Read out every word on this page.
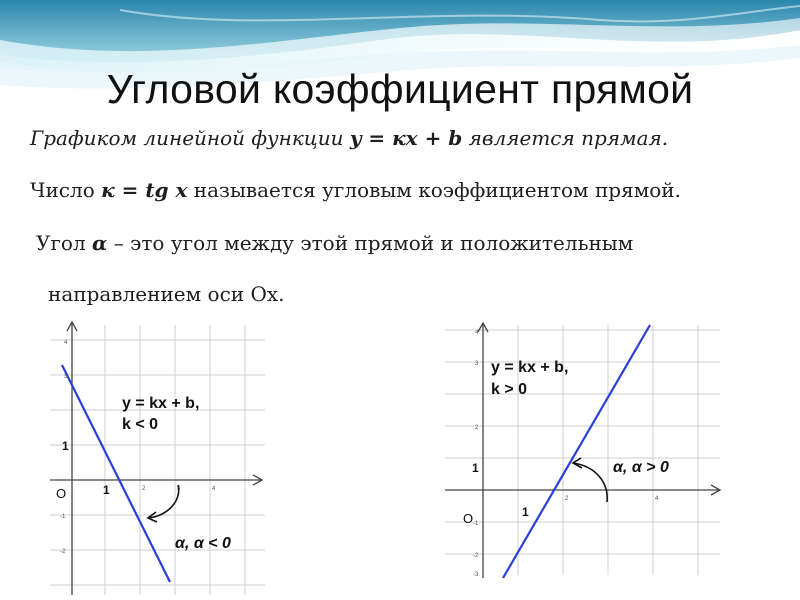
Угловой коэффициент прямой
Графиком линейной функции y = кx + b является прямая.
Число к = tg x называется угловым коэффициентом прямой.
Угол α – это угол между этой прямой и положительным
направлением оси Ox.
y = kx + b,
k < 0
α, α < 0
O
1
1
4
3
2	3	4
-1
-2
y = kx + b,
k > 0
α, α > 0
O
1
1
4
3
2
2	4
-1
-2
-3
